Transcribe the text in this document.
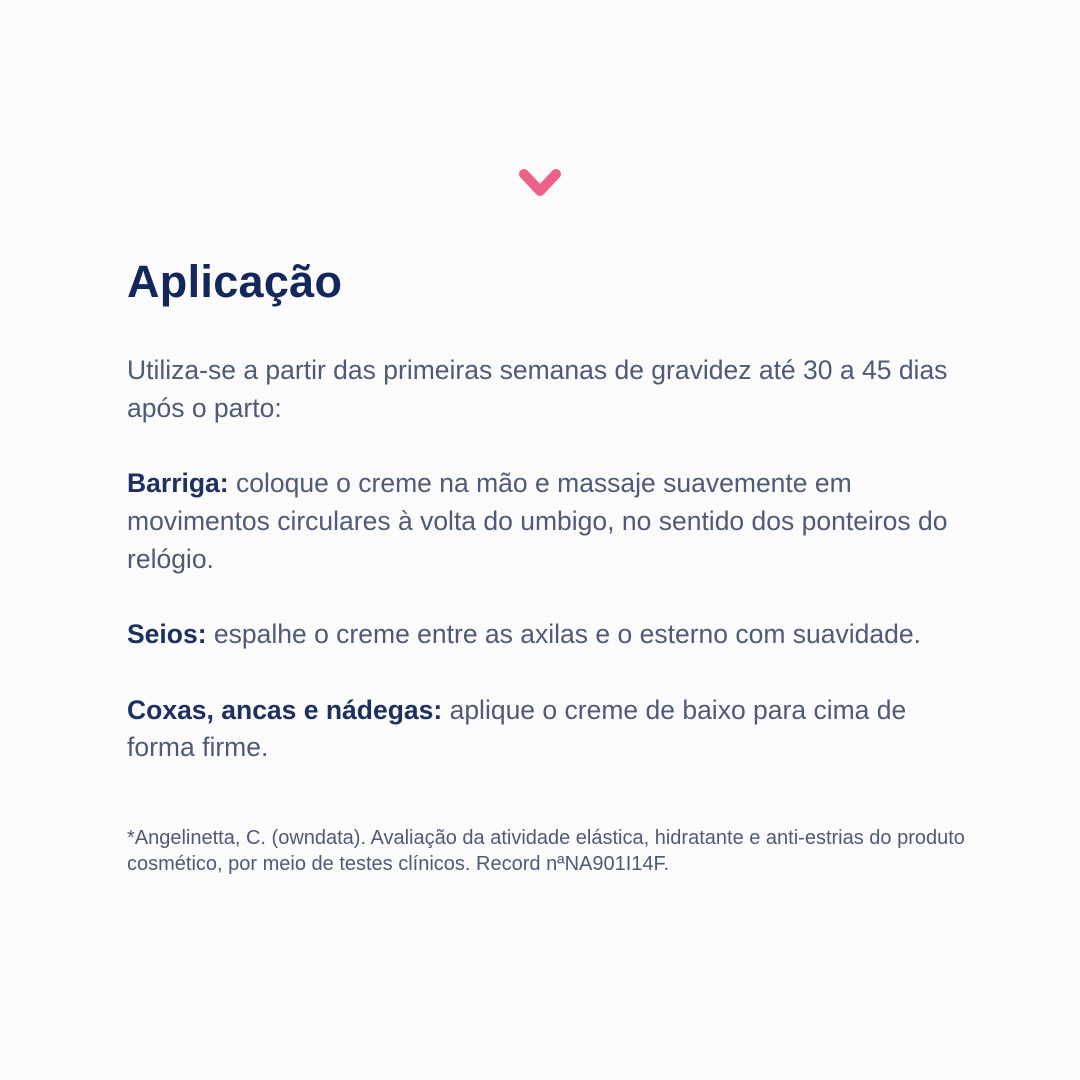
Aplicação

Utiliza-se a partir das primeiras semanas de gravidez até 30 a 45 dias após o parto:

Barriga: coloque o creme na mão e massaje suavemente em movimentos circulares à volta do umbigo, no sentido dos ponteiros do relógio.

Seios: espalhe o creme entre as axilas e o esterno com suavidade.

Coxas, ancas e nádegas: aplique o creme de baixo para cima de forma firme.

*Angelinetta, C. (owndata). Avaliação da atividade elástica, hidratante e anti-estrias do produto cosmético, por meio de testes clínicos. Record nªNA901I14F.
